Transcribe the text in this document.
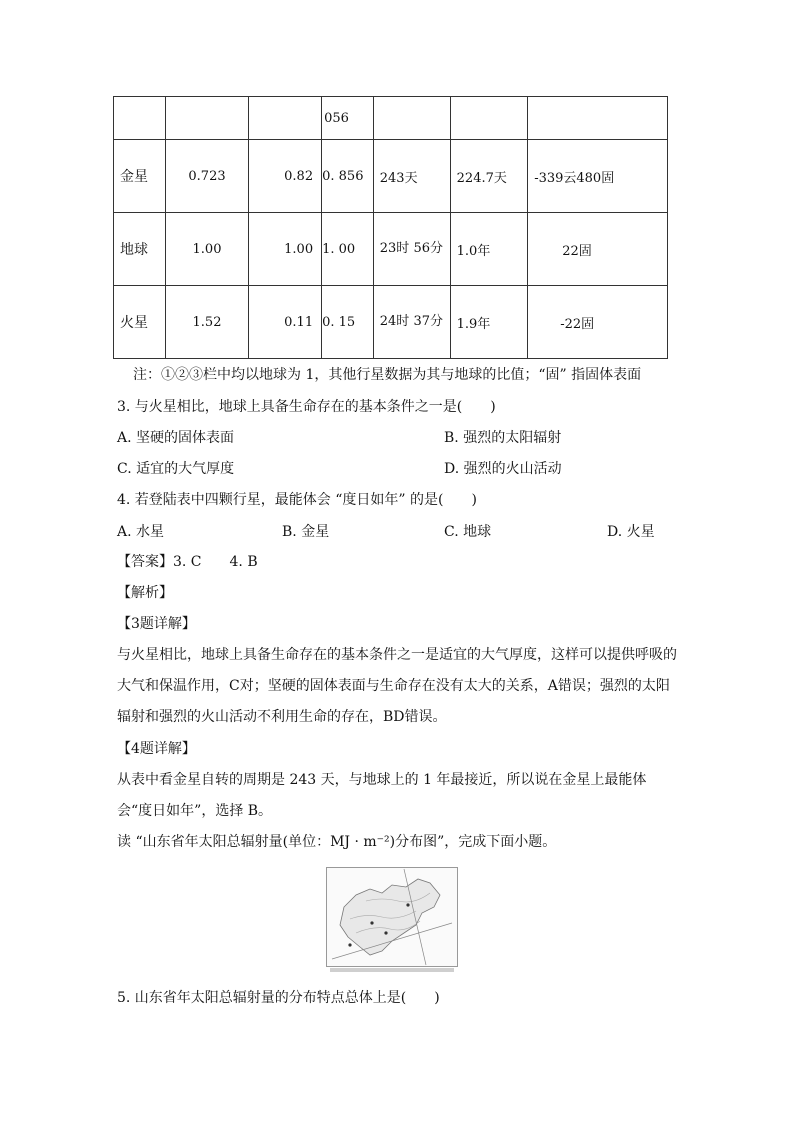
			056			
金星	0.723	0.82	0. 856	243天	224.7天	-339云480固
地球	1.00	1.00	1. 00	23时 56分	1.0年	22固
火星	1.52	0.11	0. 15	24时 37分	1.9年	-22固
注：①②③栏中均以地球为 1，其他行星数据为其与地球的比值；“固” 指固体表面
3. 与火星相比，地球上具备生命存在的基本条件之一是(　　)
A. 坚硬的固体表面	B. 强烈的太阳辐射
C. 适宜的大气厚度	D. 强烈的火山活动
4. 若登陆表中四颗行星，最能体会 “度日如年” 的是(　　)
A. 水星	B. 金星	C. 地球	D. 火星
【答案】3. C　　4. B
【解析】
【3题详解】
与火星相比，地球上具备生命存在的基本条件之一是适宜的大气厚度，这样可以提供呼吸的大气和保温作用，C对；坚硬的固体表面与生命存在没有太大的关系，A错误；强烈的太阳辐射和强烈的火山活动不利用生命的存在，BD错误。
【4题详解】
从表中看金星自转的周期是 243 天，与地球上的 1 年最接近，所以说在金星上最能体会“度日如年”，选择 B。
读 “山东省年太阳总辐射量(单位：MJ · m⁻²)分布图”，完成下面小题。
5. 山东省年太阳总辐射量的分布特点总体上是(　　)
